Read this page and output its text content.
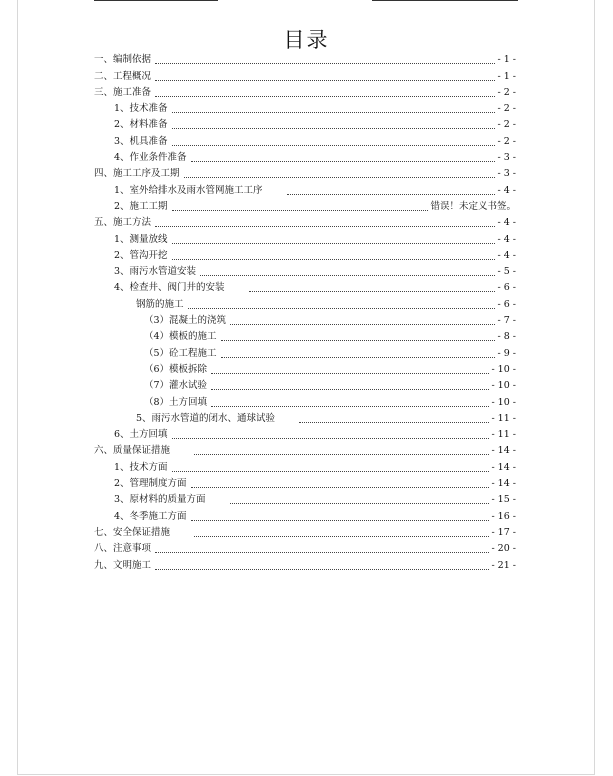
目录
一、编制依据	- 1 -
二、工程概况	- 1 -
三、施工准备	- 2 -
1、技术准备	- 2 -
2、材料准备	- 2 -
3、机具准备	- 2 -
4、作业条件准备	- 3 -
四、施工工序及工期	- 3 -
1、室外给排水及雨水管网施工工序	- 4 -
2、施工工期	错误！未定义书签。
五、施工方法	- 4 -
1、测量放线	- 4 -
2、管沟开挖	- 4 -
3、雨污水管道安装	- 5 -
4、检查井、阀门井的安装	- 6 -
钢筋的施工	- 6 -
（3）混凝土的浇筑	- 7 -
（4）模板的施工	- 8 -
（5）砼工程施工	- 9 -
（6）模板拆除	- 10 -
（7）灌水试验	- 10 -
（8）土方回填	- 10 -
5、雨污水管道的闭水、通球试验	- 11 -
6、土方回填	- 11 -
六、质量保证措施	- 14 -
1、技术方面	- 14 -
2、管理制度方面	- 14 -
3、原材料的质量方面	- 15 -
4、冬季施工方面	- 16 -
七、安全保证措施	- 17 -
八、注意事项	- 20 -
九、文明施工	- 21 -
